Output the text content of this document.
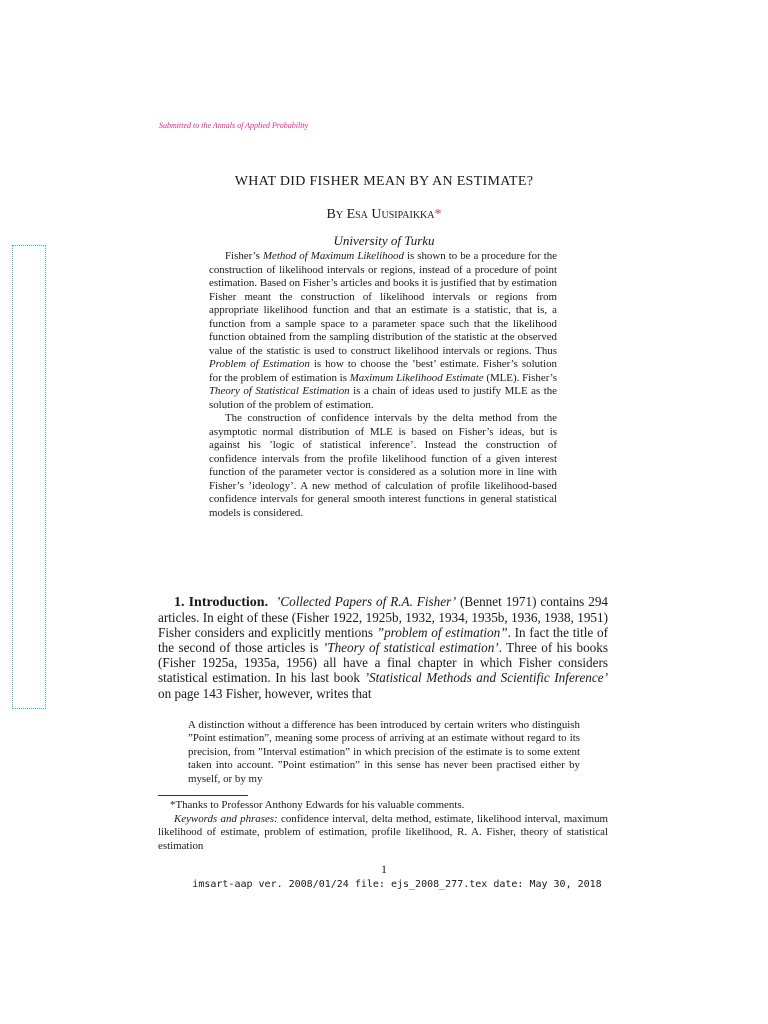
Submitted to the Annals of Applied Probability
WHAT DID FISHER MEAN BY AN ESTIMATE?
By Esa Uusipaikka*
University of Turku

Fisher’s Method of Maximum Likelihood is shown to be a procedure for the construction of likelihood intervals or regions, instead of a procedure of point estimation. Based on Fisher’s articles and books it is justified that by estimation Fisher meant the construction of likelihood intervals or regions from appropriate likelihood function and that an estimate is a statistic, that is, a function from a sample space to a parameter space such that the likelihood function obtained from the sampling distribution of the statistic at the observed value of the statistic is used to construct likelihood intervals or regions. Thus Problem of Estimation is how to choose the ’best’ estimate. Fisher’s solution for the problem of estimation is Maximum Likelihood Estimate (MLE). Fisher’s Theory of Statistical Estimation is a chain of ideas used to justify MLE as the solution of the problem of estimation.

The construction of confidence intervals by the delta method from the asymptotic normal distribution of MLE is based on Fisher’s ideas, but is against his ’logic of statistical inference’. Instead the construction of confidence intervals from the profile likelihood function of a given interest function of the parameter vector is considered as a solution more in line with Fisher’s ’ideology’. A new method of calculation of profile likelihood-based confidence intervals for general smooth interest functions in general statistical models is considered.

1. Introduction. ’Collected Papers of R.A. Fisher’ (Bennet 1971) contains 294 articles. In eight of these (Fisher 1922, 1925b, 1932, 1934, 1935b, 1936, 1938, 1951) Fisher considers and explicitly mentions ”problem of estimation”. In fact the title of the second of those articles is ’Theory of statistical estimation’. Three of his books (Fisher 1925a, 1935a, 1956) all have a final chapter in which Fisher considers statistical estimation. In his last book ’Statistical Methods and Scientific Inference’ on page 143 Fisher, however, writes that

A distinction without a difference has been introduced by certain writers who distinguish ”Point estimation”, meaning some process of arriving at an estimate without regard to its precision, from ”Interval estimation” in which precision of the estimate is to some extent taken into account. ”Point estimation” in this sense has never been practised either by myself, or by my

*Thanks to Professor Anthony Edwards for his valuable comments.

Keywords and phrases: confidence interval, delta method, estimate, likelihood interval, maximum likelihood of estimate, problem of estimation, profile likelihood, R. A. Fisher, theory of statistical estimation

1
imsart-aap ver. 2008/01/24 file: ejs_2008_277.tex date: May 30, 2018
